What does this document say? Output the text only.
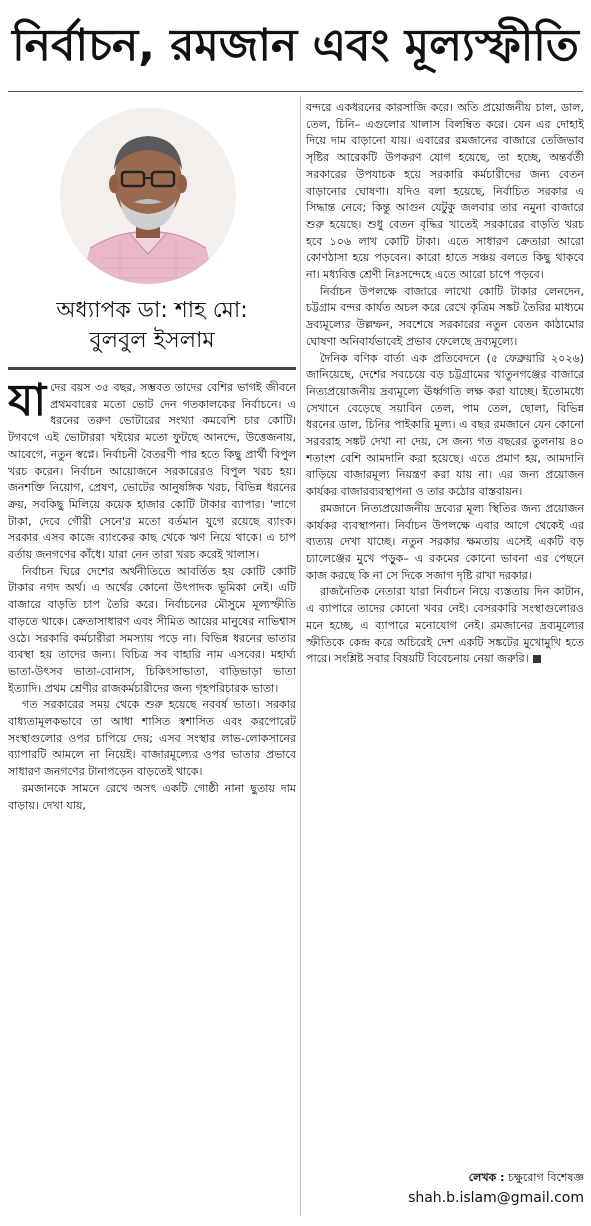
নির্বাচন, রমজান এবং মূল্যস্ফীতি
অধ্যাপক ডা: শাহ মো:
বুলবুল ইসলাম

যাদের বয়স ৩৫ বছর, সম্ভবত তাদের বেশির ভাগই জীবনে প্রথমবারের মতো ভোট দেন গতকালকের নির্বাচনে। এ ধরনের তরুণ ভোটারের সংখ্যা কমবেশি চার কোটি। টগবগে এই ভোটাররা খইয়ের মতো ফুটছে আনন্দে, উত্তেজনায়, আবেগে, নতুন স্বপ্নে। নির্বাচনী বৈতরণী পার হতে কিছু প্রার্থী বিপুল খরচ করেন। নির্বাচন আয়োজনে সরকারেরও বিপুল খরচ হয়। জনশক্তি নিয়োগ, প্রেষণ, ভোটের আনুষঙ্গিক খরচ, বিভিন্ন ধরনের ক্রয়, সবকিছু মিলিয়ে কয়েক হাজার কোটি টাকার ব্যাপার। 'লাগে টাকা, দেবে গৌরী সেনে'র মতো বর্তমান যুগে রয়েছে ব্যাংক। সরকার এসব কাজে ব্যাংকের কাছ থেকে ঋণ নিয়ে থাকে। এ চাপ বর্তায় জনগণের কাঁধে। যারা নেন তারা খরচ করেই খালাস।

নির্বাচন ঘিরে দেশের অর্থনীতিতে আবর্তিত হয় কোটি কোটি টাকার নগদ অর্থ। এ অর্থের কোনো উৎপাদক ভূমিকা নেই। এটি বাজারে বাড়তি চাপ তৈরি করে। নির্বাচনের মৌসুমে মূল্যস্ফীতি বাড়তে থাকে। ক্রেতাসাধারণ এবং সীমিত আয়ের মানুষের নাভিশ্বাস ওঠে। সরকারি কর্মচারীরা সমস্যায় পড়ে না। বিভিন্ন ধরনের ভাতার ব্যবস্থা হয় তাদের জন্য। বিচিত্র সব বাহারি নাম এসবের। মহার্ঘ্য ভাতা-উৎসব ভাতা-বোনাস, চিকিৎসাভাতা, বাড়িভাড়া ভাতা ইত্যাদি। প্রথম শ্রেণীর রাজকর্মচারীদের জন্য গৃহপরিচারক ভাতা।

গত সরকারের সময় থেকে শুরু হয়েছে নববর্ষ ভাতা। সরকার বাধ্যতামূলকভাবে তা আধা শাসিত স্বশাসিত এবং করপোরেট সংস্থাগুলোর ওপর চাপিয়ে দেয়; এসব সংস্থার লাভ-লোকসানের ব্যাপারটি আমলে না নিয়েই। বাজারমূল্যের ওপর ভাতার প্রভাবে সাধারণ জনগণের টানাপড়েন বাড়তেই থাকে।

রমজানকে সামনে রেখে অসৎ একটি গোষ্ঠী নানা ছুতায় দাম বাড়ায়। দেখা যায়,

বন্দরে একধরনের কারসাজি করে। অতি প্রয়োজনীয় চাল, ডাল, তেল, চিনি– এগুলোর খালাস বিলম্বিত করে। যেন এর দোহাই দিয়ে দাম বাড়ানো যায়। এবারের রমজানের বাজারে তেজিভাব সৃষ্টির আরেকটি উপকরণ যোগ হয়েছে, তা হচ্ছে, অন্তর্বর্তী সরকারের উপযাচক হয়ে সরকারি কর্মচারীদের জন্য বেতন বাড়ানোর ঘোষণা। যদিও বলা হয়েছে, নির্বাচিত সরকার এ সিদ্ধান্ত নেবে; কিন্তু আগুন যেটুকু জলবার তার নমুনা বাজারে শুরু হয়েছে। শুধু বেতন বৃদ্ধির খাতেই সরকারের বাড়তি খরচ হবে ১০৬ লাখ কোটি টাকা। এতে সাধারণ ক্রেতারা আরো কোণঠাসা হয়ে পড়বেন। কারো হাতে সঞ্চয় বলতে কিছু থাকবে না। মধ্যবিত্ত শ্রেণী নিঃসন্দেহে এতে আরো চাপে পড়বে।

নির্বাচন উপলক্ষে বাজারে লাখো কোটি টাকার লেনদেন, চট্টগ্রাম বন্দর কার্যত অচল করে রেখে কৃত্রিম সঙ্কট তৈরির মাধ্যমে দ্রব্যমূল্যের উল্লম্ফন, সবশেষে সরকারের নতুন বেতন কাঠামোর ঘোষণা অনিবার্যভাবেই প্রভাব ফেলেছে দ্রব্যমূল্যে।

দৈনিক বণিক বার্তা এক প্রতিবেদনে (৫ ফেব্রুয়ারি ২০২৬) জানিয়েছে, দেশের সবচেয়ে বড় চট্টগ্রামের খাতুনগঞ্জের বাজারে নিত্যপ্রয়োজনীয় দ্রব্যমূল্যে ঊর্ধ্বগতি লক্ষ করা যাচ্ছে। ইতোমধ্যে সেখানে বেড়েছে সয়াবিন তেল, পাম তেল, ছোলা, বিভিন্ন ধরনের ডাল, চিনির পাইকারি মূল্য। এ বছর রমজানে যেন কোনো সরবরাহ সঙ্কট দেখা না দেয়, সে জন্য গত বছরের তুলনায় ৪০ শতাংশ বেশি আমদানি করা হয়েছে। এতে প্রমাণ হয়, আমদানি বাড়িয়ে বাজারমূল্য নিয়ন্ত্রণ করা যায় না। এর জন্য প্রয়োজন কার্যকর বাজারব্যবস্থাপনা ও তার কঠোর বাস্তবায়ন।

রমজানে নিত্যপ্রয়োজনীয় দ্রব্যের মূল্য স্থিতির জন্য প্রয়োজন কার্যকর ব্যবস্থাপনা। নির্বাচন উপলক্ষে এবার আগে থেকেই এর ব্যত্যয় দেখা যাচ্ছে। নতুন সরকার ক্ষমতায় এসেই একটি বড় চ্যালেঞ্জের মুখে পড়ুক– এ রকমের কোনো ভাবনা এর পেছনে কাজ করছে কি না সে দিকে সজাগ দৃষ্টি রাখা দরকার।

রাজনৈতিক নেতারা যারা নির্বাচন নিয়ে ব্যস্ততায় দিন কাটান, এ ব্যাপারে তাদের কোনো খবর নেই। বেসরকারি সংস্থাগুলোরও মনে হচ্ছে, এ ব্যাপারে মনোযোগ নেই। রমজানের দ্রব্যমূল্যের স্ফীতিকে কেন্দ্র করে অচিরেই দেশ একটি সঙ্কটের মুখোমুখি হতে পারে। সংশ্লিষ্ট সবার বিষয়টি বিবেচনায় নেয়া জরুরি।

লেখক : চক্ষুরোগ বিশেষজ্ঞ
shah.b.islam@gmail.com
